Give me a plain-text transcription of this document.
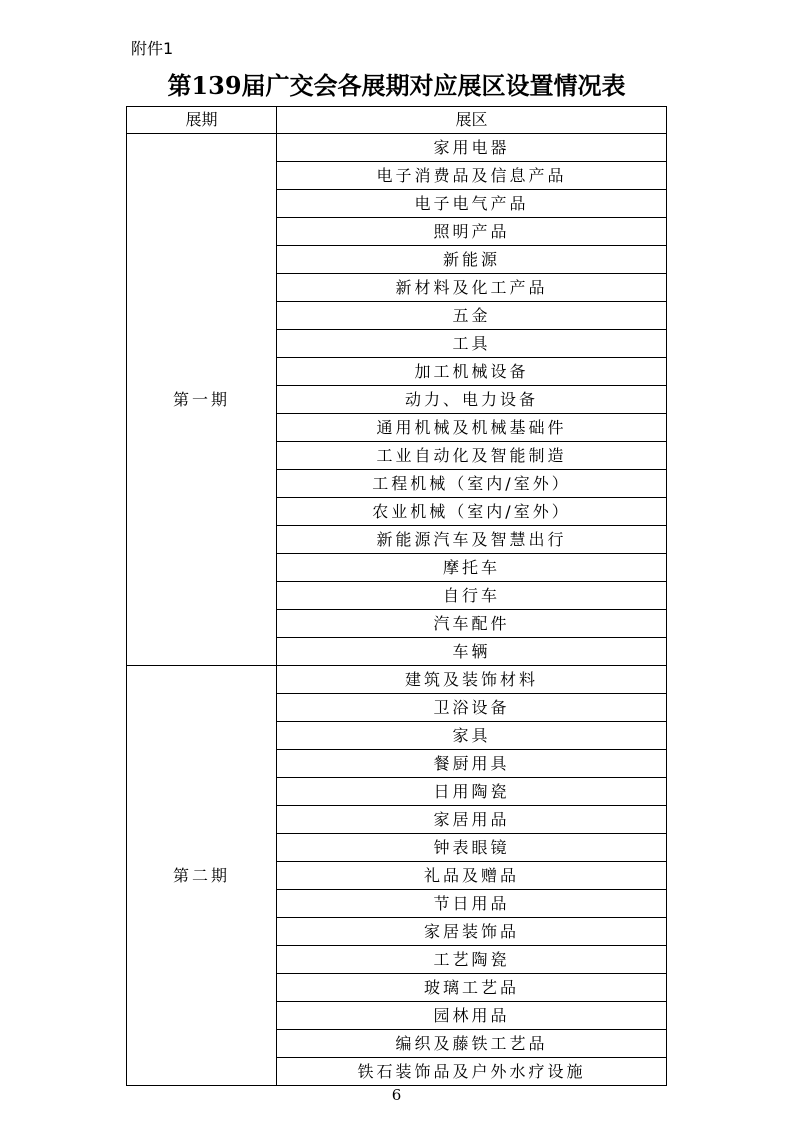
附件1
第139届广交会各展期对应展区设置情况表
展期	展区
第一期	家用电器
	电子消费品及信息产品
	电子电气产品
	照明产品
	新能源
	新材料及化工产品
	五金
	工具
	加工机械设备
	动力、电力设备
	通用机械及机械基础件
	工业自动化及智能制造
	工程机械（室内/室外）
	农业机械（室内/室外）
	新能源汽车及智慧出行
	摩托车
	自行车
	汽车配件
	车辆
第二期	建筑及装饰材料
	卫浴设备
	家具
	餐厨用具
	日用陶瓷
	家居用品
	钟表眼镜
	礼品及赠品
	节日用品
	家居装饰品
	工艺陶瓷
	玻璃工艺品
	园林用品
	编织及藤铁工艺品
	铁石装饰品及户外水疗设施
6
